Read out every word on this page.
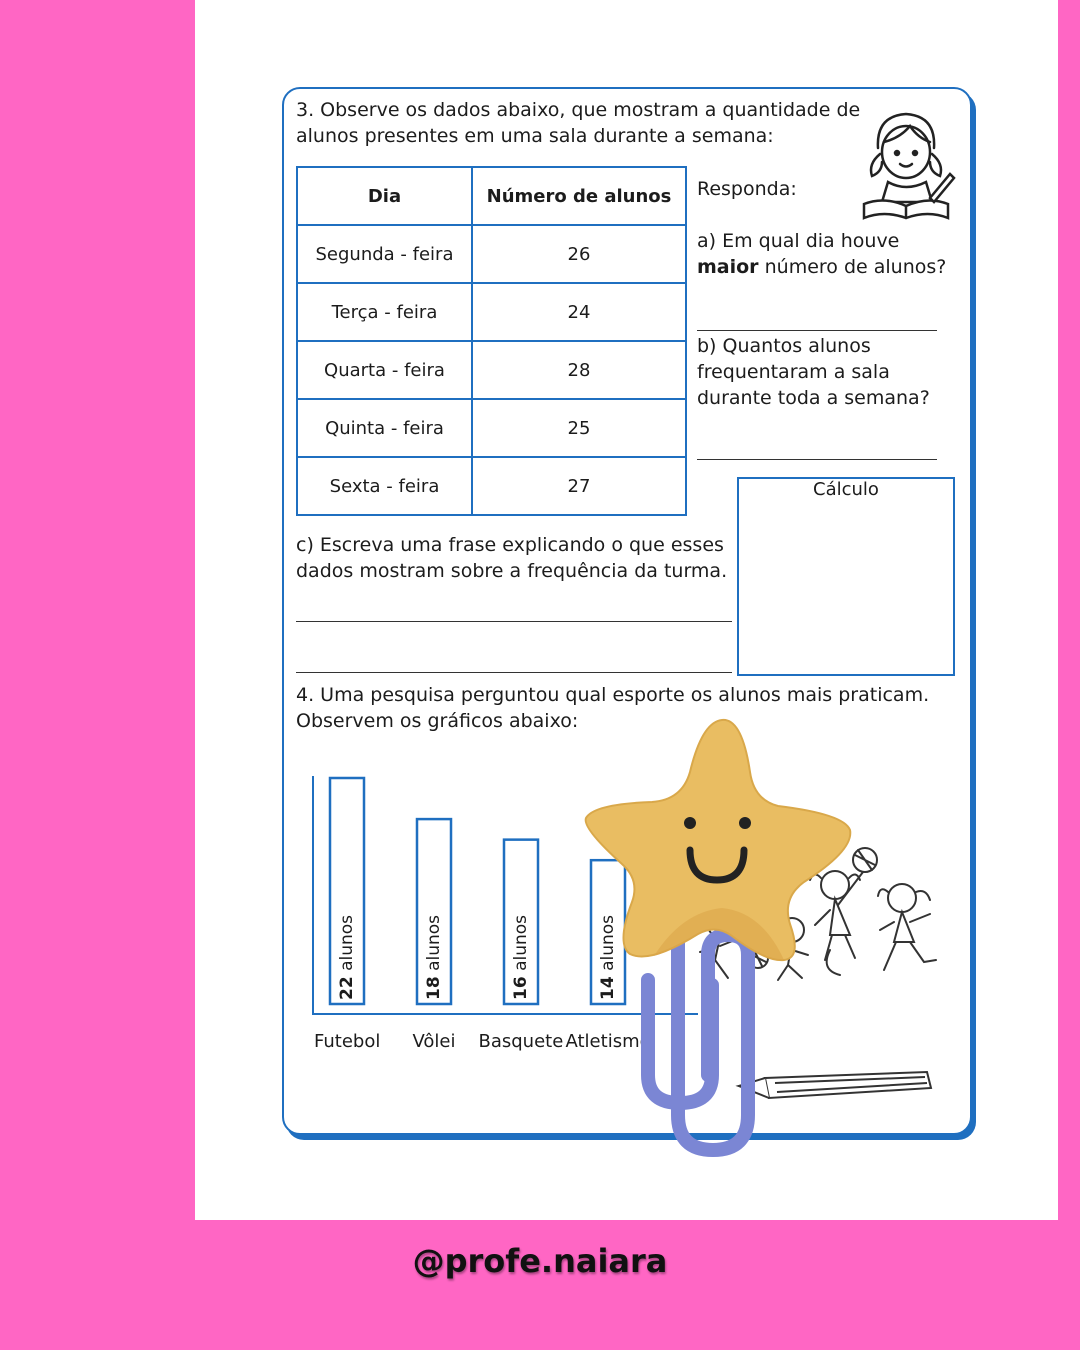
3. Observe os dados abaixo, que mostram a quantidade de alunos presentes em uma sala durante a semana:

Dia	Número de alunos
Segunda - feira	26
Terça - feira	24
Quarta - feira	28
Quinta - feira	25
Sexta - feira	27

Responda:

a) Em qual dia houve maior número de alunos?

b) Quantos alunos frequentaram a sala durante toda a semana?

Cálculo

c) Escreva uma frase explicando o que esses dados mostram sobre a frequência da turma.

4. Uma pesquisa perguntou qual esporte os alunos mais praticam. Observem os gráficos abaixo:

22 alunos
Futebol
18 alunos
Vôlei
16 alunos
Basquete
14 alunos
Atletismo
@profe.naiara
